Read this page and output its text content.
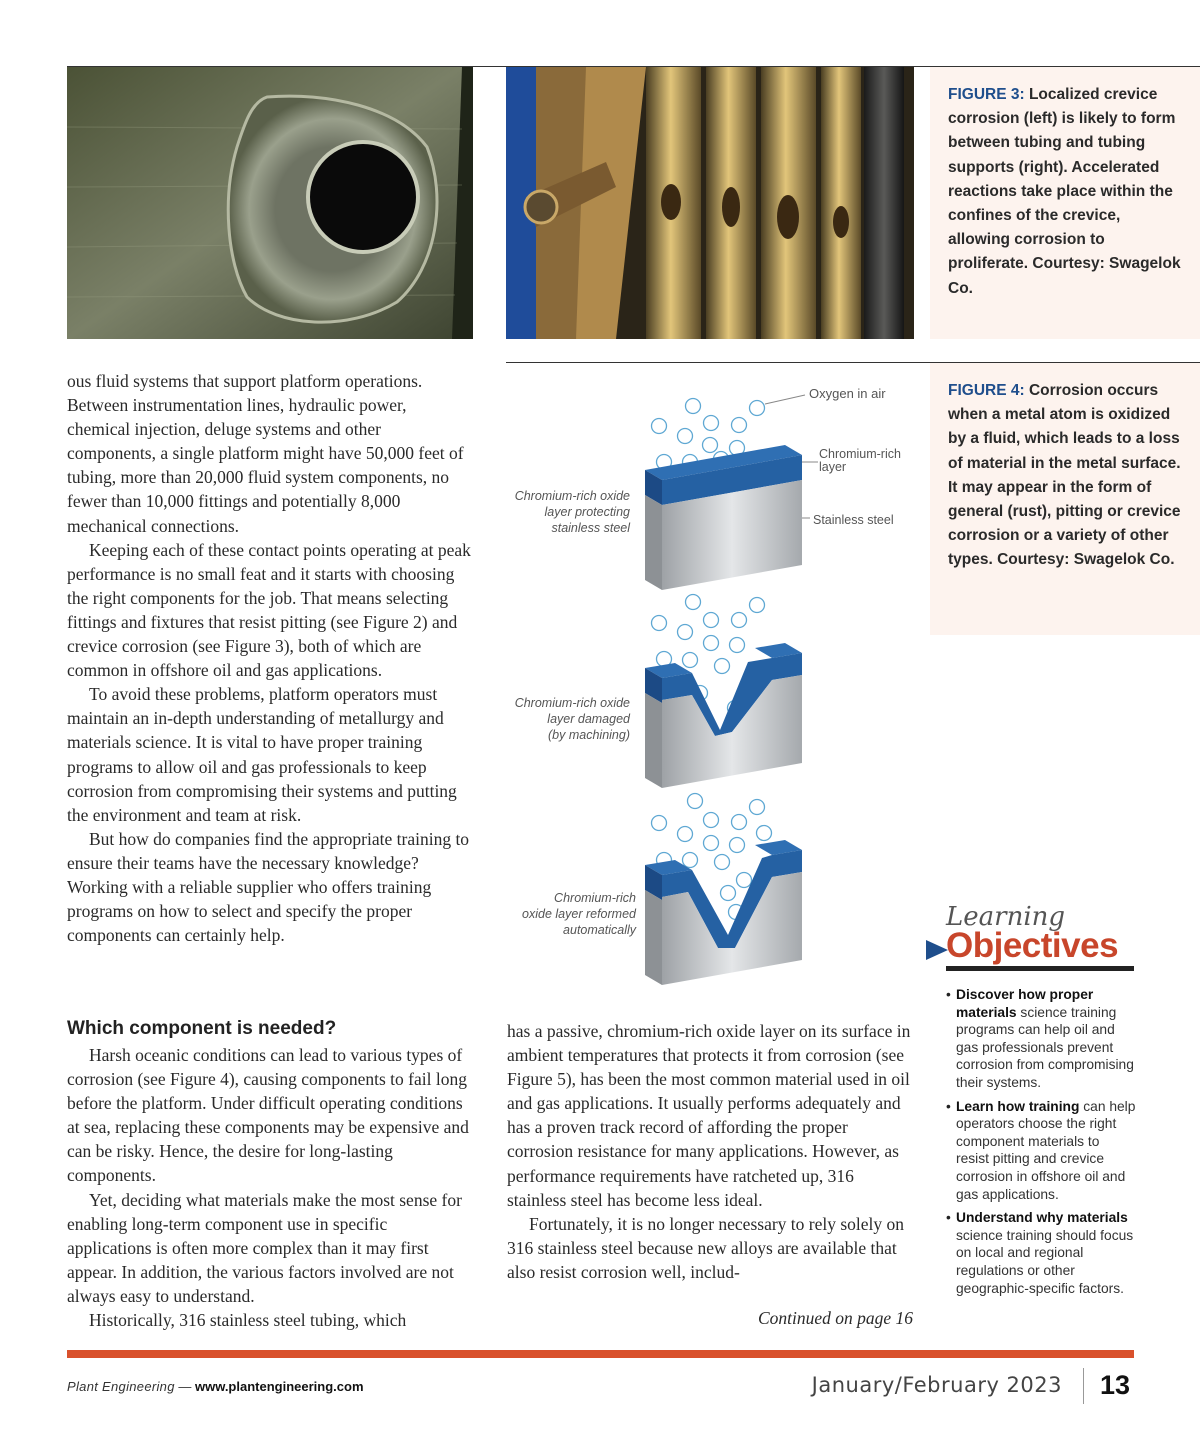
FIGURE 3: Localized crevice corrosion (left) is likely to form between tubing and tubing supports (right). Accelerated reactions take place within the confines of the crevice, allowing corrosion to proliferate. Courtesy: Swagelok Co.
FIGURE 4: Corrosion occurs when a metal atom is oxidized by a fluid, which leads to a loss of material in the metal surface. It may appear in the form of general (rust), pitting or crevice corrosion or a variety of other types. Courtesy: Swagelok Co.
Oxygen in air
Chromium-rich
layer
Stainless steel
Chromium-rich oxide
layer protecting
stainless steel
Chromium-rich oxide
layer damaged
(by machining)
Chromium-rich
oxide layer reformed
automatically

ous fluid systems that support platform operations. Between instrumentation lines, hydraulic power, chemical injection, deluge systems and other components, a single platform might have 50,000 feet of tubing, more than 20,000 fluid system components, no fewer than 10,000 fittings and potentially 8,000 mechanical connections.

Keeping each of these contact points operating at peak performance is no small feat and it starts with choosing the right components for the job. That means selecting fittings and fixtures that resist pitting (see Figure 2) and crevice corrosion (see Figure 3), both of which are common in offshore oil and gas applications.

To avoid these problems, platform operators must maintain an in-depth understanding of metallurgy and materials science. It is vital to have proper training programs to allow oil and gas professionals to keep corrosion from compromising their systems and putting the environment and team at risk.

But how do companies find the appropriate training to ensure their teams have the necessary knowledge? Working with a reliable supplier who offers training programs on how to select and specify the proper components can certainly help.

Which component is needed?

Harsh oceanic conditions can lead to various types of corrosion (see Figure 4), causing components to fail long before the platform. Under difficult operating conditions at sea, replacing these components may be expensive and can be risky. Hence, the desire for long-lasting components.

Yet, deciding what materials make the most sense for enabling long-term component use in specific applications is often more complex than it may first appear. In addition, the various factors involved are not always easy to understand.

Historically, 316 stainless steel tubing, which

has a passive, chromium-rich oxide layer on its surface in ambient temperatures that protects it from corrosion (see Figure 5), has been the most common material used in oil and gas applications. It usually performs adequately and has a proven track record of affording the proper corrosion resistance for many applications. However, as performance requirements have ratcheted up, 316 stainless steel has become less ideal.

Fortunately, it is no longer necessary to rely solely on 316 stainless steel because new alloys are available that also resist corrosion well, includ-

Continued on page 16
Learning
Objectives
• Discover how proper materials science training programs can help oil and gas professionals prevent corrosion from compromising their systems.
• Learn how training can help operators choose the right component materials to resist pitting and crevice corrosion in offshore oil and gas applications.
• Understand why materials science training should focus on local and regional regulations or other geographic-specific factors.
Plant Engineering — www.plantengineering.com	January/February 2023 13
